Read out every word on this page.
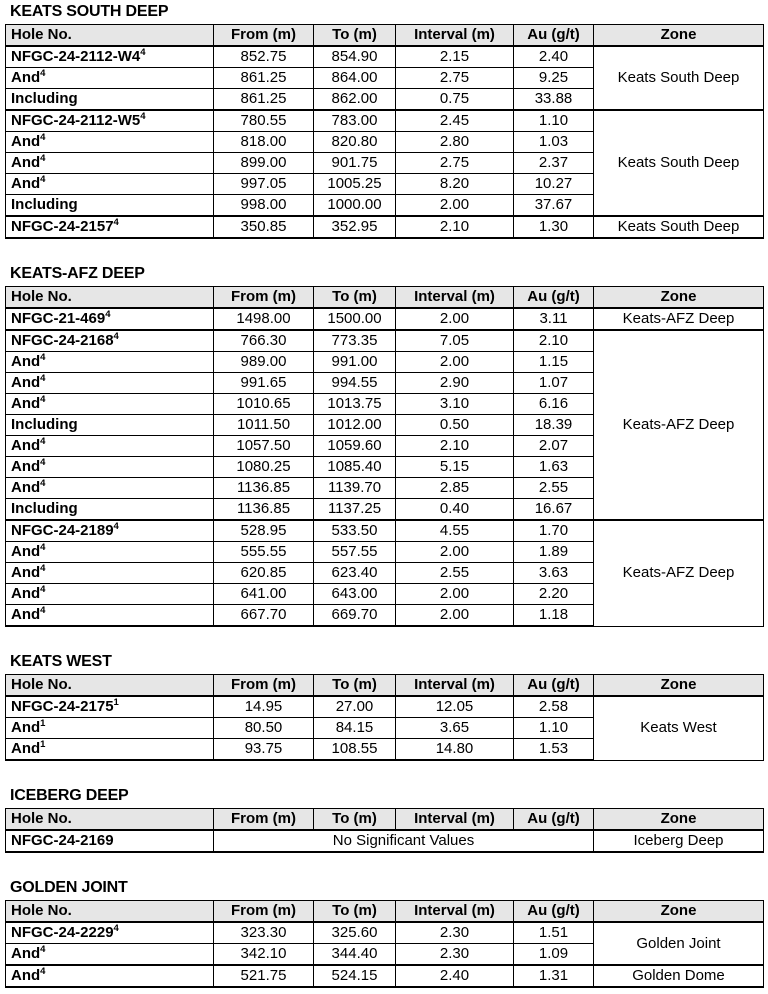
KEATS SOUTH DEEP
Hole No.	From (m)	To (m)	Interval (m)	Au (g/t)	Zone
NFGC-$24-2112-W4^4$	852.75	854.90	2.15	2.40	Keats South Deep
And$^4$	861.25	864.00	2.75	9.25	
Including	861.25	862.00	0.75	33.88	
NFGC-$24-2112-W5^4$	780.55	783.00	2.45	1.10	Keats South Deep
And$^4$	818.00	820.80	2.80	1.03	
And$^4$	899.00	901.75	2.75	2.37	
And$^4$	997.05	1005.25	8.20	10.27	
Including	998.00	1000.00	2.00	37.67	
NFGC-24-2157$^4$	350.85	352.95	2.10	1.30	Keats South Deep
KEATS-AFZ DEEP
Hole No.	From (m)	To (m)	Interval (m)	Au (g/t)	Zone
NFGC-$21-469^4$	1498.00	1500.00	2.00	3.11	Keats-AFZ Deep
NFGC-24-2168$^4$	766.30	773.35	7.05	2.10	Keats-AFZ Deep
And$^4$	989.00	991.00	2.00	1.15	
And$^4$	991.65	994.55	2.90	1.07	
And$^4$	1010.65	1013.75	3.10	6.16	
Including	1011.50	1012.00	0.50	18.39	
And$^4$	1057.50	1059.60	2.10	2.07	
And$^4$	1080.25	1085.40	5.15	1.63	
And$^4$	1136.85	1139.70	2.85	2.55	
Including	1136.85	1137.25	0.40	16.67	
NFGC-24-2189$^4$	528.95	533.50	4.55	1.70	Keats-AFZ Deep
And$^4$	555.55	557.55	2.00	1.89	
And$^4$	620.85	623.40	2.55	3.63	
And$^4$	641.00	643.00	2.00	2.20	
And$^4$	667.70	669.70	2.00	1.18	
KEATS WEST
Hole No.	From (m)	To (m)	Interval (m)	Au (g/t)	Zone
NFGC-24-2175$^1$	14.95	27.00	12.05	2.58	Keats West
And$^1$	80.50	84.15	3.65	1.10	
And$^1$	93.75	108.55	14.80	1.53	
ICEBERG DEEP
Hole No.	From (m)	To (m)	Interval (m)	Au (g/t)	Zone
NFGC-24-2169	No Significant Values				Iceberg Deep
GOLDEN JOINT
Hole No.	From (m)	To (m)	Interval (m)	Au (g/t)	Zone
NFGC-24-2229$^4$	323.30	325.60	2.30	1.51	Golden Joint
And$^4$	342.10	344.40	2.30	1.09	
And$^4$	521.75	524.15	2.40	1.31	Golden Dome
